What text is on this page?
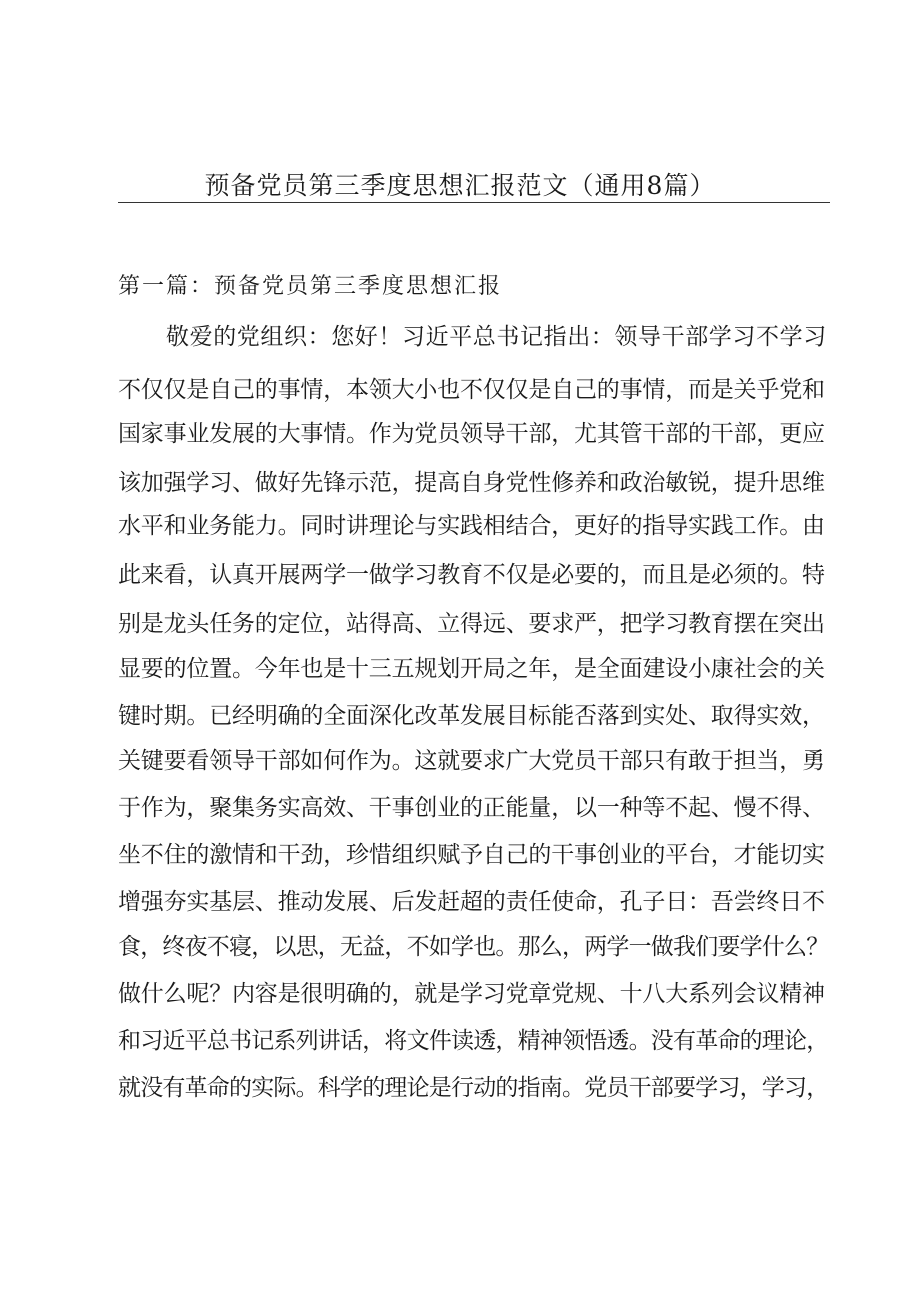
预备党员第三季度思想汇报范文（通用8篇）
第一篇：预备党员第三季度思想汇报
敬爱的党组织：您好！习近平总书记指出：领导干部学习不学习
不仅仅是自己的事情，本领大小也不仅仅是自己的事情，而是关乎党和
国家事业发展的大事情。作为党员领导干部，尤其管干部的干部，更应
该加强学习、做好先锋示范，提高自身党性修养和政治敏锐，提升思维
水平和业务能力。同时讲理论与实践相结合，更好的指导实践工作。由
此来看，认真开展两学一做学习教育不仅是必要的，而且是必须的。特
别是龙头任务的定位，站得高、立得远、要求严，把学习教育摆在突出
显要的位置。今年也是十三五规划开局之年，是全面建设小康社会的关
键时期。已经明确的全面深化改革发展目标能否落到实处、取得实效，
关键要看领导干部如何作为。这就要求广大党员干部只有敢于担当，勇
于作为，聚集务实高效、干事创业的正能量，以一种等不起、慢不得、
坐不住的激情和干劲，珍惜组织赋予自己的干事创业的平台，才能切实
增强夯实基层、推动发展、后发赶超的责任使命，孔子日：吾尝终日不
食，终夜不寝，以思，无益，不如学也。那么，两学一做我们要学什么？
做什么呢？内容是很明确的，就是学习党章党规、十八大系列会议精神
和习近平总书记系列讲话，将文件读透，精神领悟透。没有革命的理论，
就没有革命的实际。科学的理论是行动的指南。党员干部要学习，学习，
